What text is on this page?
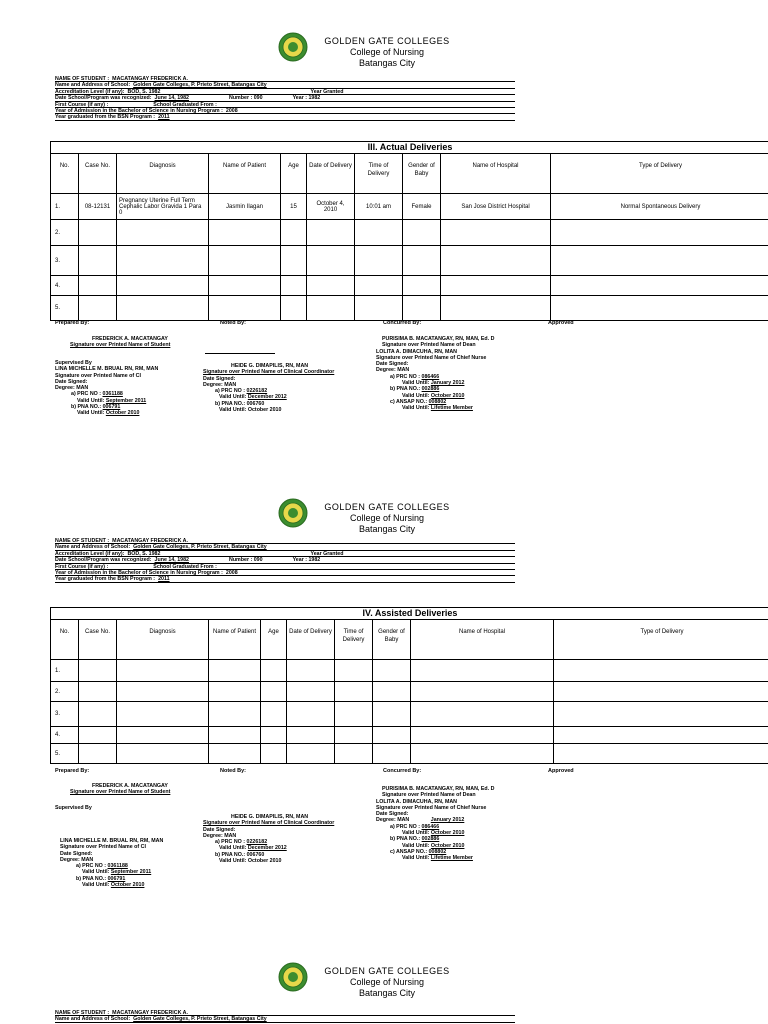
GOLDEN GATE COLLEGES
College of Nursing
Batangas City
NAME OF STUDENT : MACATANGAY FREDERICK A.
Name and Address of School: Golden Gate Colleges, P. Prieto Street, Batangas City
Accreditation Level (if any): BOD, S. 1982	Year Granted
Date School/Program was recognized: June 14, 1982	Number : 090	Year : 1982
First Course (if any) :	School Graduated From :
Year of Admission in the Bachelor of Science in Nursing Program : 2008
Year graduated from the BSN Program : 2011
III. Actual Deliveries
No.	Case No.	Diagnosis	Name of Patient	Age	Date of Delivery	Time of Delivery	Gender of Baby	Name of Hospital	Type of Delivery
1.	08-12131	Pregnancy Uterine Full Term Cephalic Labor Gravida 1 Para 0	Jasmin Ilagan	15	October 4, 2010	10:01 am	Female	San Jose District Hospital	Normal Spontaneous Delivery
2.									
3.									
4.									
5.									
Prepared By:	Noted By:	Concurred By:	Approved
FREDERICK A. MACATANGAY
Signature over Printed Name of Student
Supervised By
LINA MICHELLE M. BRUAL RN, RM, MAN
Signature over Printed Name of CI
Date Signed:
Degree: MAN
a) PRC NO : 0361188
Valid Until: September 2011
b) PNA NO.: 006791
Valid Until: October 2010
HEIDE G. DIMAPILIS, RN, MAN
Signature over Printed Name of Clinical Coordinator
Date Signed:
Degree: MAN
a) PRC NO : 0226182
Valid Until: December 2012
b) PNA NO.: 006760
Valid Until: October 2010
PURISIMA B. MACATANGAY, RN, MAN, Ed. D
Signature over Printed Name of Dean
LOLITA A. DIMACUHA, RN, MAN
Signature over Printed Name of Chief Nurse
Date Signed:
Degree: MAN
a) PRC NO : 086466
Valid Until: January 2012
b) PNA NO.: 002886
Valid Until: October 2010
c) ANSAP NO.: 008802
Valid Until: Lifetime Member
GOLDEN GATE COLLEGES
College of Nursing
Batangas City
NAME OF STUDENT : MACATANGAY FREDERICK A.
Name and Address of School: Golden Gate Colleges, P. Prieto Street, Batangas City
Accreditation Level (if any): BOD, S. 1982	Year Granted
Date School/Program was recognized: June 14, 1982	Number : 090	Year : 1982
First Course (if any) :	School Graduated From :
Year of Admission in the Bachelor of Science in Nursing Program : 2008
Year graduated from the BSN Program : 2011
IV. Assisted Deliveries
No.	Case No.	Diagnosis	Name of Patient	Age	Date of Delivery	Time of Delivery	Gender of Baby	Name of Hospital	Type of Delivery
1.									
2.									
3.									
4.									
5.									
Prepared By:	Noted By:	Concurred By:	Approved
FREDERICK A. MACATANGAY
Signature over Printed Name of Student
Supervised By
LINA MICHELLE M. BRUAL RN, RM, MAN
Signature over Printed Name of CI
Date Signed:
Degree: MAN
a) PRC NO : 0361188
Valid Until: September 2011
b) PNA NO.: 006791
Valid Until: October 2010
HEIDE G. DIMAPILIS, RN, MAN
Signature over Printed Name of Clinical Coordinator
Date Signed:
Degree: MAN
a) PRC NO : 0226182
Valid Until: December 2012
b) PNA NO.: 006760
Valid Until: October 2010
PURISIMA B. MACATANGAY, RN, MAN, Ed. D
Signature over Printed Name of Dean
LOLITA A. DIMACUHA, RN, MAN
Signature over Printed Name of Chief Nurse
Date Signed:
Degree: MAN	January 2012
a) PRC NO : 086466
Valid Until: October 2010
b) PNA NO.: 002886
Valid Until: October 2010
c) ANSAP NO.: 008802
Valid Until: Lifetime Member
GOLDEN GATE COLLEGES
College of Nursing
Batangas City
NAME OF STUDENT : MACATANGAY FREDERICK A.
Name and Address of School: Golden Gate Colleges, P. Prieto Street, Batangas City
